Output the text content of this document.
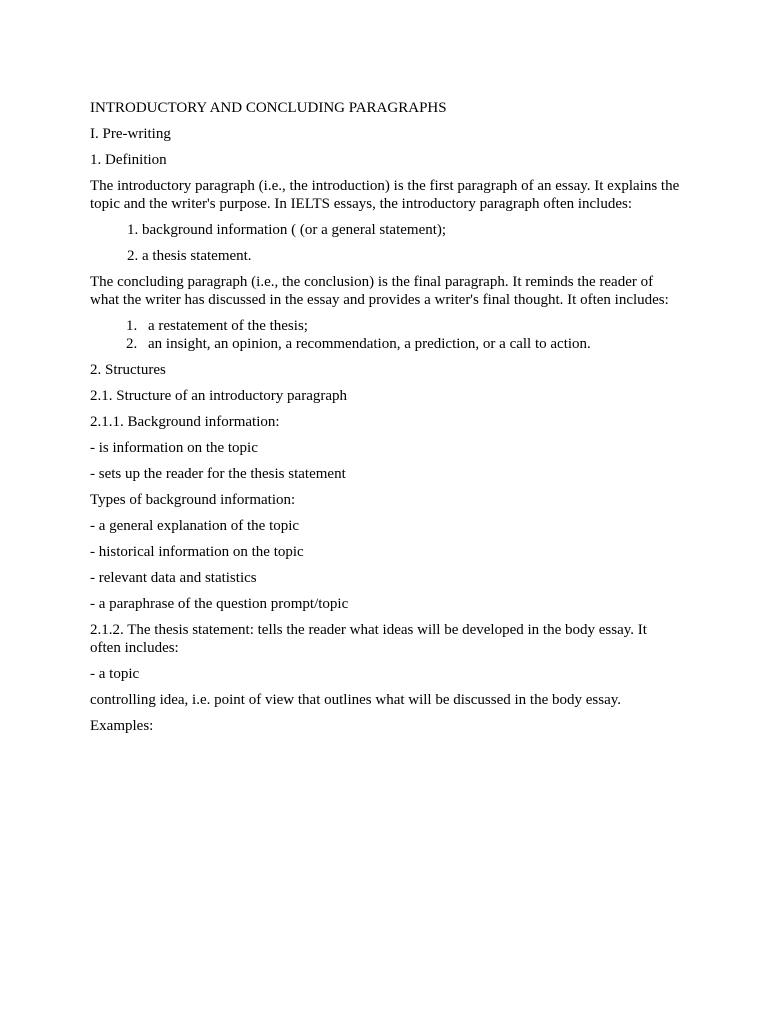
INTRODUCTORY AND CONCLUDING PARAGRAPHS

I. Pre-writing

1. Definition

The introductory paragraph (i.e., the introduction) is the first paragraph of an essay. It explains the topic and the writer's purpose. In IELTS essays, the introductory paragraph often includes:

1. background information ( (or a general statement);

2. a thesis statement.

The concluding paragraph (i.e., the conclusion) is the final paragraph. It reminds the reader of what the writer has discussed in the essay and provides a writer's final thought. It often includes:

1. a restatement of the thesis;
2. an insight, an opinion, a recommendation, a prediction, or a call to action.

2. Structures

2.1. Structure of an introductory paragraph

2.1.1. Background information:

- is information on the topic

- sets up the reader for the thesis statement

Types of background information:

- a general explanation of the topic

- historical information on the topic

- relevant data and statistics

- a paraphrase of the question prompt/topic

2.1.2. The thesis statement: tells the reader what ideas will be developed in the body essay. It often includes:

- a topic

controlling idea, i.e. point of view that outlines what will be discussed in the body essay.

Examples:
